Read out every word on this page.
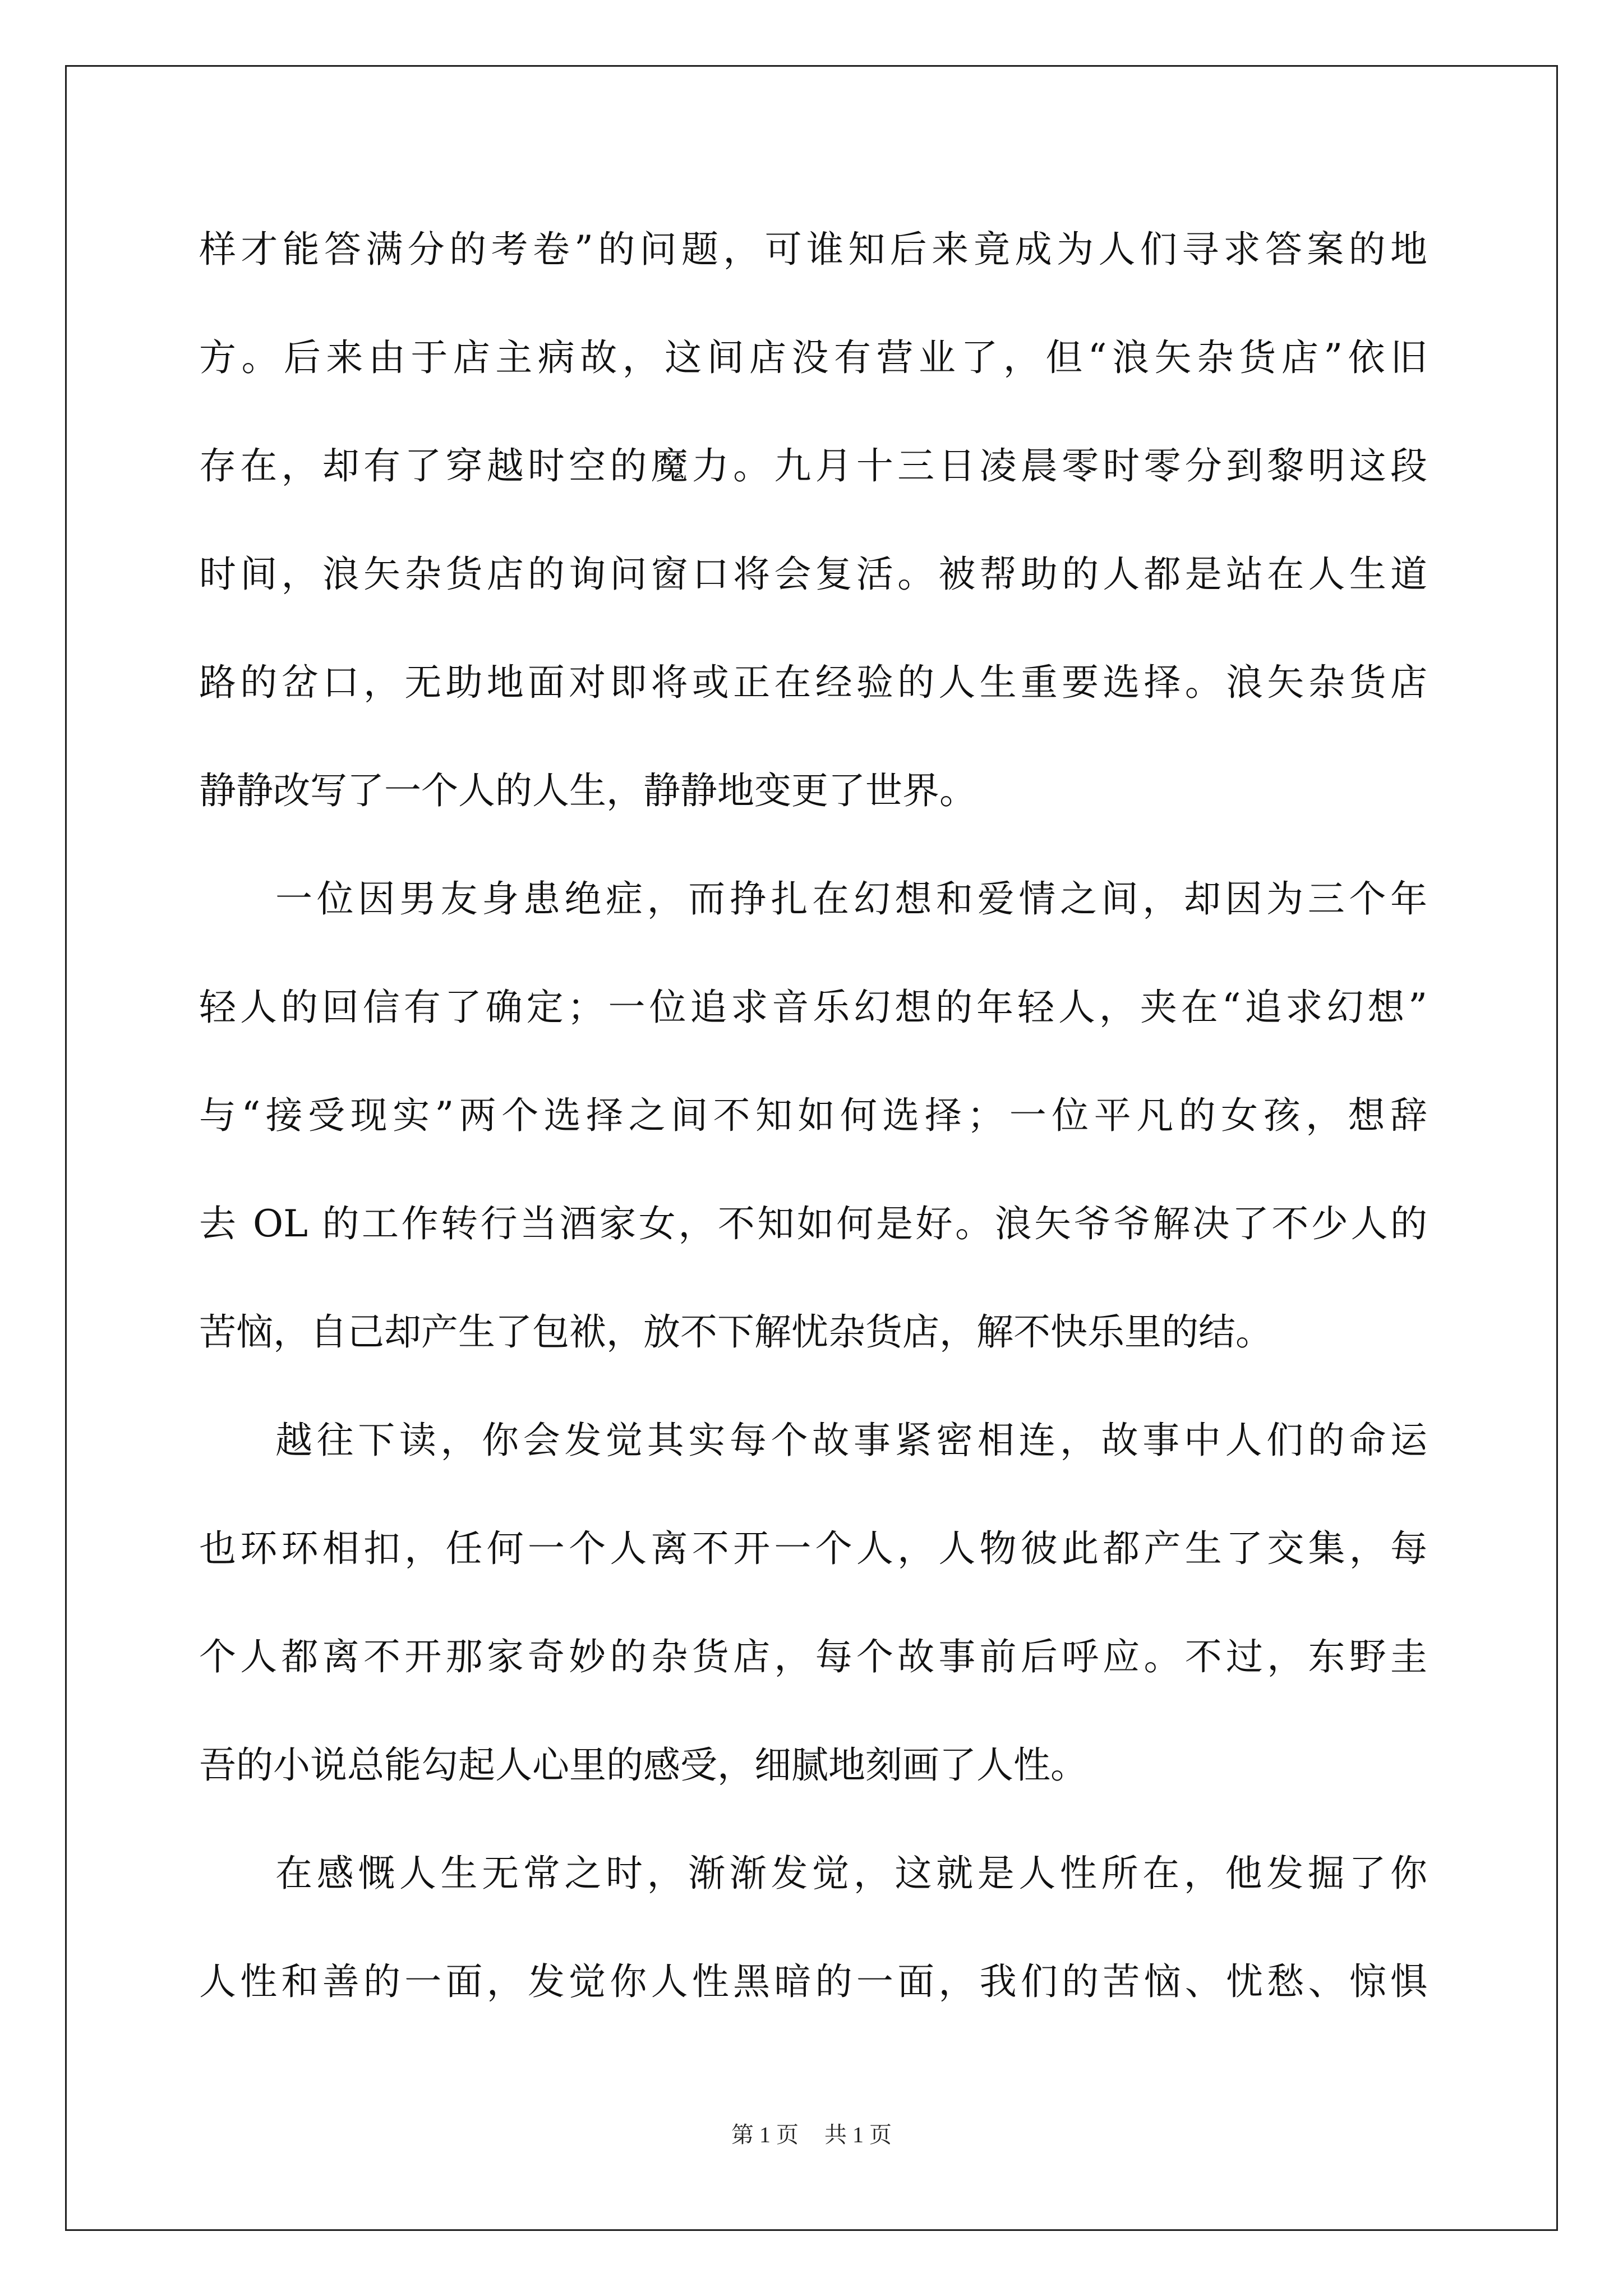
样才能答满分的考卷”的问题，可谁知后来竟成为人们寻求答案的地
方。后来由于店主病故，这间店没有营业了，但“浪矢杂货店”依旧
存在，却有了穿越时空的魔力。九月十三日凌晨零时零分到黎明这段
时间，浪矢杂货店的询问窗口将会复活。被帮助的人都是站在人生道
路的岔口，无助地面对即将或正在经验的人生重要选择。浪矢杂货店
静静改写了一个人的人生，静静地变更了世界。
一位因男友身患绝症，而挣扎在幻想和爱情之间，却因为三个年
轻人的回信有了确定；一位追求音乐幻想的年轻人，夹在“追求幻想”
与“接受现实”两个选择之间不知如何选择；一位平凡的女孩，想辞
去 OL 的工作转行当酒家女，不知如何是好。浪矢爷爷解决了不少人的
苦恼，自己却产生了包袱，放不下解忧杂货店，解不快乐里的结。
越往下读，你会发觉其实每个故事紧密相连，故事中人们的命运
也环环相扣，任何一个人离不开一个人，人物彼此都产生了交集，每
个人都离不开那家奇妙的杂货店，每个故事前后呼应。不过，东野圭
吾的小说总能勾起人心里的感受，细腻地刻画了人性。
在感慨人生无常之时，渐渐发觉，这就是人性所在，他发掘了你
人性和善的一面，发觉你人性黑暗的一面，我们的苦恼、忧愁、惊惧
第 1 页 共 1 页
